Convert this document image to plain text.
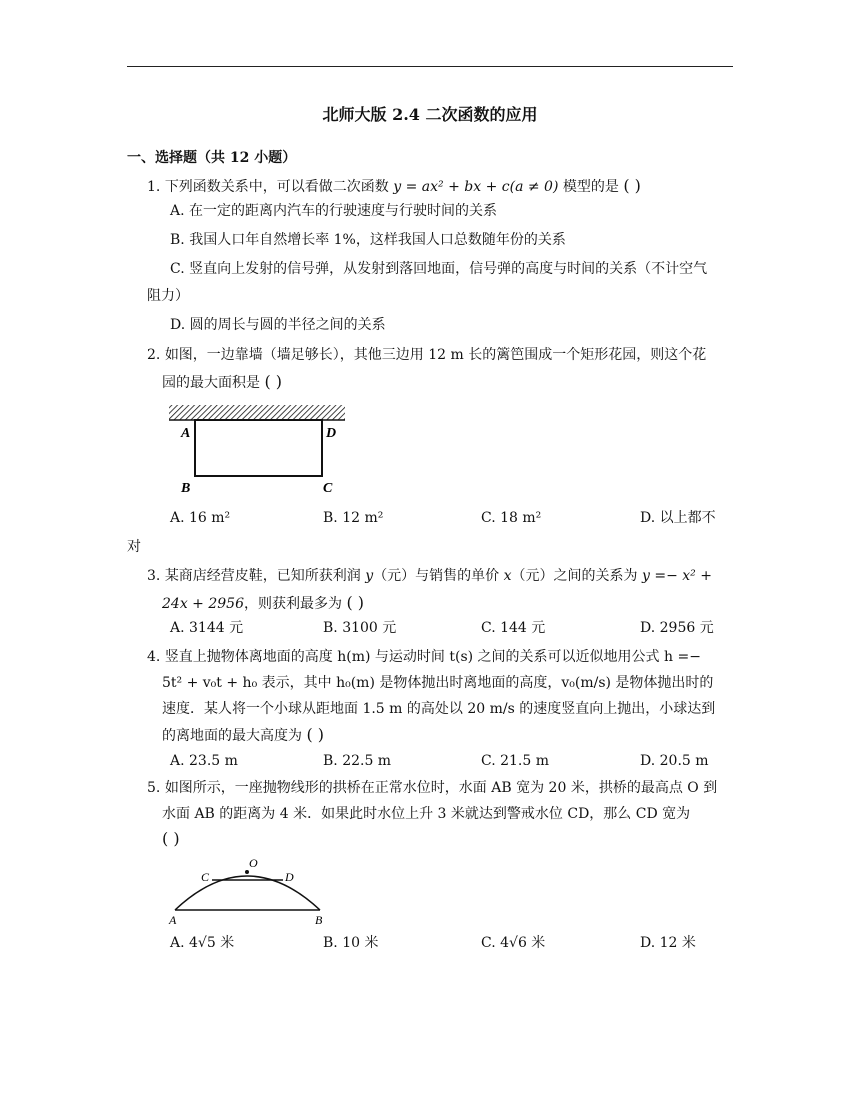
北师大版 2.4 二次函数的应用
一、选择题（共 12 小题）
1. 下列函数关系中，可以看做二次函数 y = ax² + bx + c(a ≠ 0) 模型的是 ( )
A. 在一定的距离内汽车的行驶速度与行驶时间的关系
B. 我国人口年自然增长率 1%，这样我国人口总数随年份的关系
C. 竖直向上发射的信号弹，从发射到落回地面，信号弹的高度与时间的关系（不计空气
阻力）
D. 圆的周长与圆的半径之间的关系
2. 如图，一边靠墙（墙足够长），其他三边用 12 m 长的篱笆围成一个矩形花园，则这个花
园的最大面积是 ( )
A	D
B	C
A. 16 m²	B. 12 m²	C. 18 m²	D. 以上都不
对
3. 某商店经营皮鞋，已知所获利润 y（元）与销售的单价 x（元）之间的关系为 y =− x² +
24x + 2956，则获利最多为 ( )
A. 3144 元	B. 3100 元	C. 144 元	D. 2956 元
4. 竖直上抛物体离地面的高度 h(m) 与运动时间 t(s) 之间的关系可以近似地用公式 h =−
5t² + v₀t + h₀ 表示，其中 h₀(m) 是物体抛出时离地面的高度，v₀(m/s) 是物体抛出时的
速度．某人将一个小球从距地面 1.5 m 的高处以 20 m/s 的速度竖直向上抛出，小球达到
的离地面的最大高度为 ( )
A. 23.5 m	B. 22.5 m	C. 21.5 m	D. 20.5 m
5. 如图所示，一座抛物线形的拱桥在正常水位时，水面 AB 宽为 20 米，拱桥的最高点 O 到
水面 AB 的距离为 4 米．如果此时水位上升 3 米就达到警戒水位 CD，那么 CD 宽为
( )
C
O
D
A	B
A. 4√5 米	B. 10 米	C. 4√6 米	D. 12 米
